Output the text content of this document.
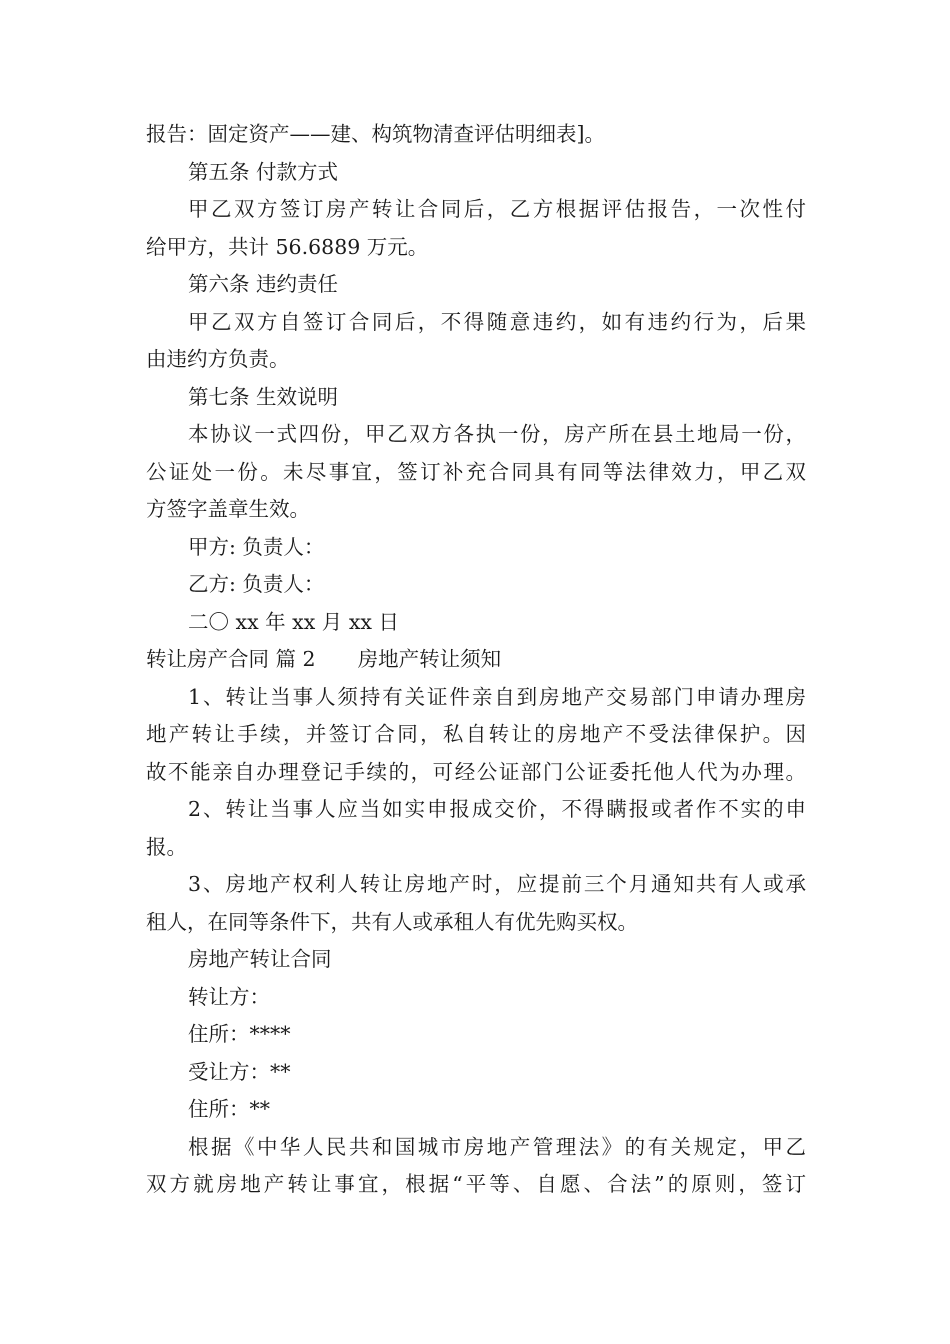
报告：固定资产——建、构筑物清查评估明细表]。
第五条 付款方式
甲乙双方签订房产转让合同后，乙方根据评估报告，一次性付
给甲方，共计 56.6889 万元。
第六条 违约责任
甲乙双方自签订合同后，不得随意违约，如有违约行为，后果
由违约方负责。
第七条 生效说明
本协议一式四份，甲乙双方各执一份，房产所在县土地局一份，
公证处一份。未尽事宜，签订补充合同具有同等法律效力，甲乙双
方签字盖章生效。
甲方: 负责人：
乙方: 负责人：
二〇 xx 年 xx 月 xx 日
转让房产合同 篇 2 房地产转让须知
1、转让当事人须持有关证件亲自到房地产交易部门申请办理房
地产转让手续，并签订合同，私自转让的房地产不受法律保护。因
故不能亲自办理登记手续的，可经公证部门公证委托他人代为办理。
2、转让当事人应当如实申报成交价，不得瞒报或者作不实的申
报。
3、房地产权利人转让房地产时，应提前三个月通知共有人或承
租人，在同等条件下，共有人或承租人有优先购买权。
房地产转让合同
转让方：
住所：****
受让方：**
住所：**
根据《中华人民共和国城市房地产管理法》的有关规定，甲乙
双方就房地产转让事宜，根据“平等、自愿、合法”的原则，签订
